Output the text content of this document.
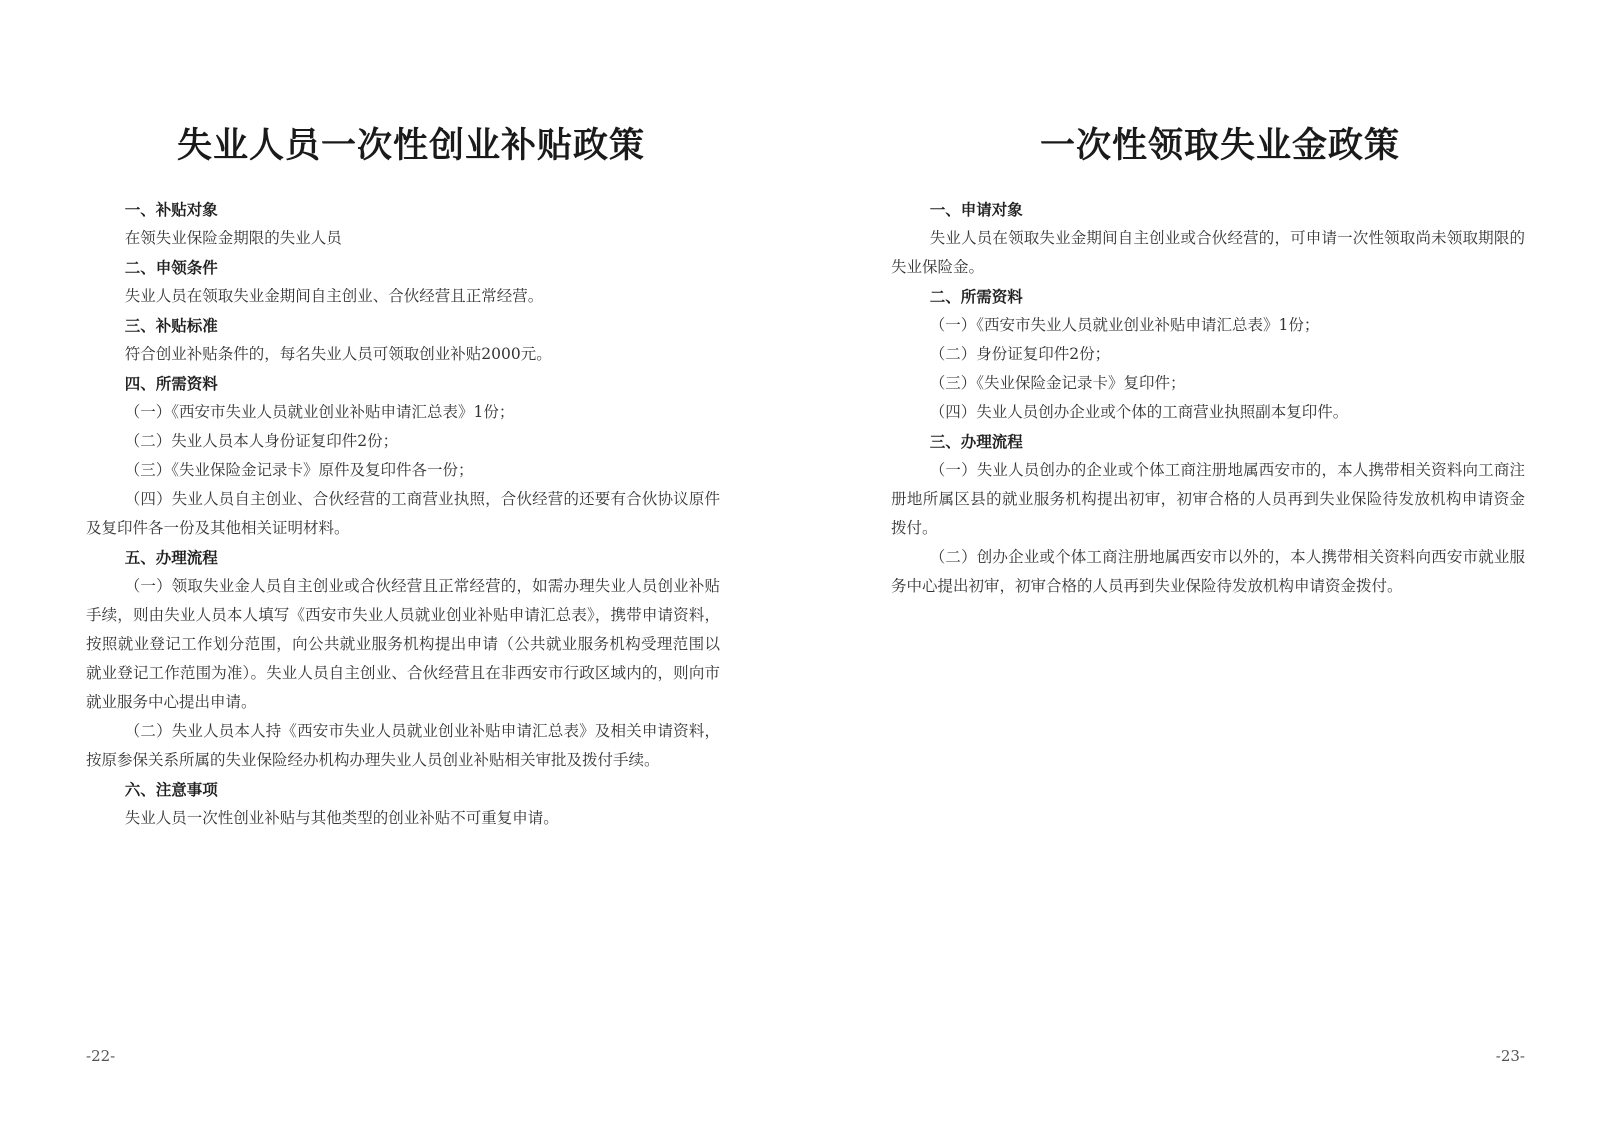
失业人员一次性创业补贴政策

一、补贴对象

在领失业保险金期限的失业人员

二、申领条件

失业人员在领取失业金期间自主创业、合伙经营且正常经营。

三、补贴标准

符合创业补贴条件的，每名失业人员可领取创业补贴2000元。

四、所需资料

（一）《西安市失业人员就业创业补贴申请汇总表》1份；

（二）失业人员本人身份证复印件2份；

（三）《失业保险金记录卡》原件及复印件各一份；

（四）失业人员自主创业、合伙经营的工商营业执照，合伙经营的还要有合伙协议原件及复印件各一份及其他相关证明材料。

五、办理流程

（一）领取失业金人员自主创业或合伙经营且正常经营的，如需办理失业人员创业补贴手续，则由失业人员本人填写《西安市失业人员就业创业补贴申请汇总表》，携带申请资料，按照就业登记工作划分范围，向公共就业服务机构提出申请（公共就业服务机构受理范围以就业登记工作范围为准）。失业人员自主创业、合伙经营且在非西安市行政区域内的，则向市就业服务中心提出申请。

（二）失业人员本人持《西安市失业人员就业创业补贴申请汇总表》及相关申请资料，按原参保关系所属的失业保险经办机构办理失业人员创业补贴相关审批及拨付手续。

六、注意事项

失业人员一次性创业补贴与其他类型的创业补贴不可重复申请。

-22-
一次性领取失业金政策

一、申请对象

失业人员在领取失业金期间自主创业或合伙经营的，可申请一次性领取尚未领取期限的失业保险金。

二、所需资料

（一）《西安市失业人员就业创业补贴申请汇总表》1份；

（二）身份证复印件2份；

（三）《失业保险金记录卡》复印件；

（四）失业人员创办企业或个体的工商营业执照副本复印件。

三、办理流程

（一）失业人员创办的企业或个体工商注册地属西安市的，本人携带相关资料向工商注册地所属区县的就业服务机构提出初审，初审合格的人员再到失业保险待发放机构申请资金拨付。

（二）创办企业或个体工商注册地属西安市以外的，本人携带相关资料向西安市就业服务中心提出初审，初审合格的人员再到失业保险待发放机构申请资金拨付。

-23-
